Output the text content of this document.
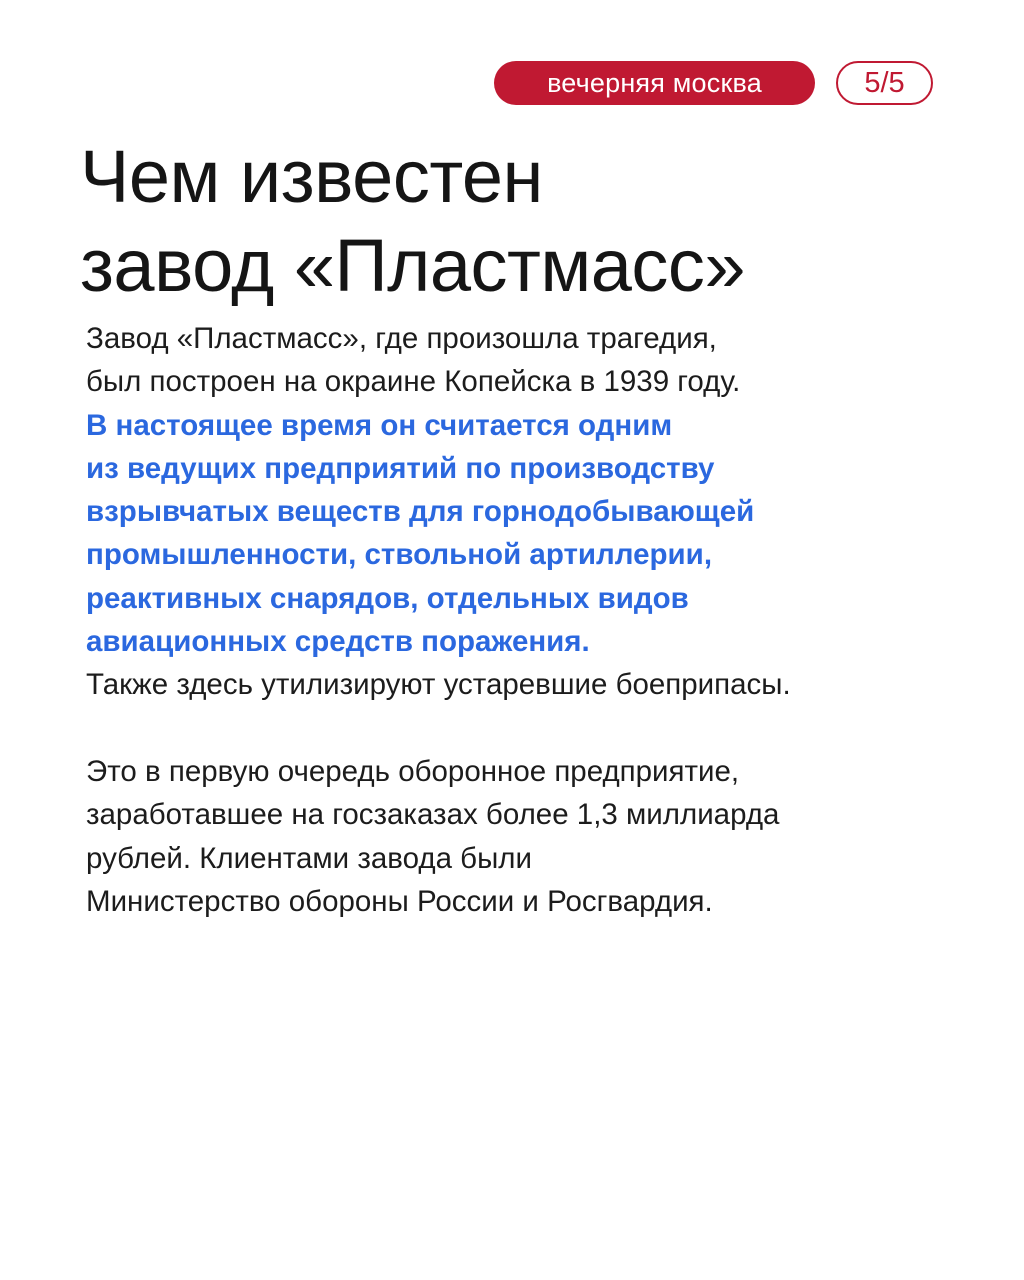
вечерняя москва	5/5
Чем известен
завод «Пластмасс»
Завод «Пластмасс», где произошла трагедия,
был построен на окраине Копейска в 1939 году.
В настоящее время он считается одним
из ведущих предприятий по производству
взрывчатых веществ для горнодобывающей
промышленности, ствольной артиллерии,
реактивных снарядов, отдельных видов
авиационных средств поражения.
Также здесь утилизируют устаревшие боеприпасы.
Это в первую очередь оборонное предприятие,
заработавшее на госзаказах более 1,3 миллиарда
рублей. Клиентами завода были
Министерство обороны России и Росгвардия.
